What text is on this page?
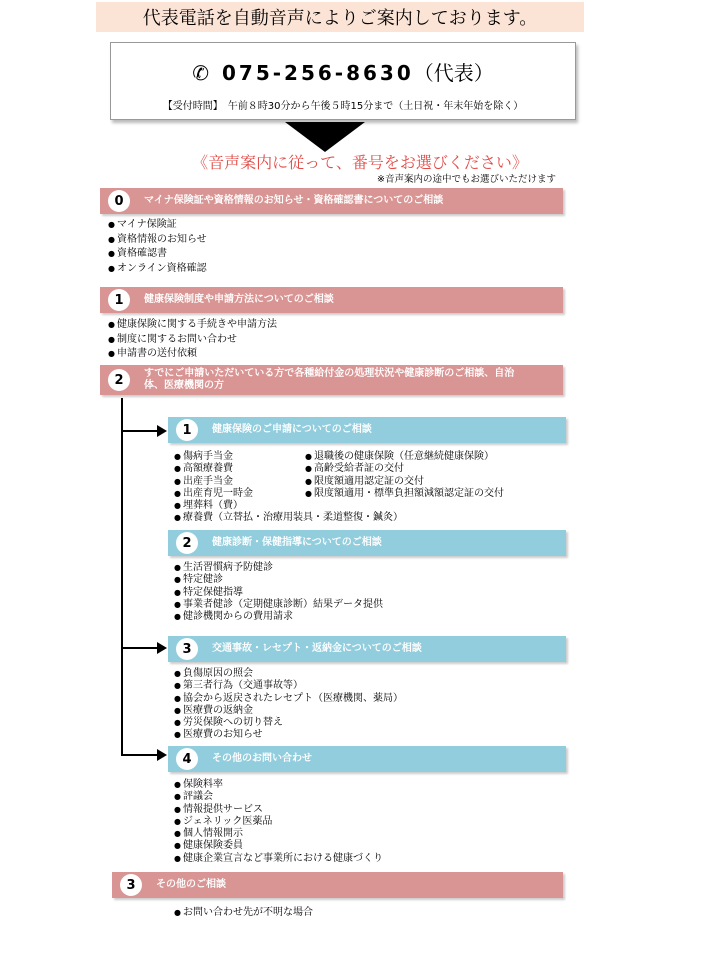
代表電話を自動音声によりご案内しております。
✆ 075-256-8630（代表）
【受付時間】　午前８時30分から午後５時15分まで（土日祝・年末年始を除く）
《音声案内に従って、番号をお選びください》
※音声案内の途中でもお選びいただけます
0	マイナ保険証や資格情報のお知らせ・資格確認書についてのご相談
● マイナ保険証
● 資格情報のお知らせ
● 資格確認書
● オンライン資格確認
1	健康保険制度や申請方法についてのご相談
● 健康保険に関する手続きや申請方法
● 制度に関するお問い合わせ
● 申請書の送付依頼
2	すでにご申請いただいている方で各種給付金の処理状況や健康診断のご相談、自治体、医療機関の方
1	健康保険のご申請についてのご相談
● 傷病手当金
● 高額療養費
● 出産手当金
● 出産育児一時金
● 埋葬料（費）
● 療養費（立替払・治療用装具・柔道整復・鍼灸）
● 退職後の健康保険（任意継続健康保険）
● 高齢受給者証の交付
● 限度額適用認定証の交付
● 限度額適用・標準負担額減額認定証の交付
2	健康診断・保健指導についてのご相談
● 生活習慣病予防健診
● 特定健診
● 特定保健指導
● 事業者健診（定期健康診断）結果データ提供
● 健診機関からの費用請求
3	交通事故・レセプト・返納金についてのご相談
● 負傷原因の照会
● 第三者行為（交通事故等）
● 協会から返戻されたレセプト（医療機関、薬局）
● 医療費の返納金
● 労災保険への切り替え
● 医療費のお知らせ
4	その他のお問い合わせ
● 保険料率
● 評議会
● 情報提供サービス
● ジェネリック医薬品
● 個人情報開示
● 健康保険委員
● 健康企業宣言など事業所における健康づくり
3	その他のご相談
● お問い合わせ先が不明な場合
